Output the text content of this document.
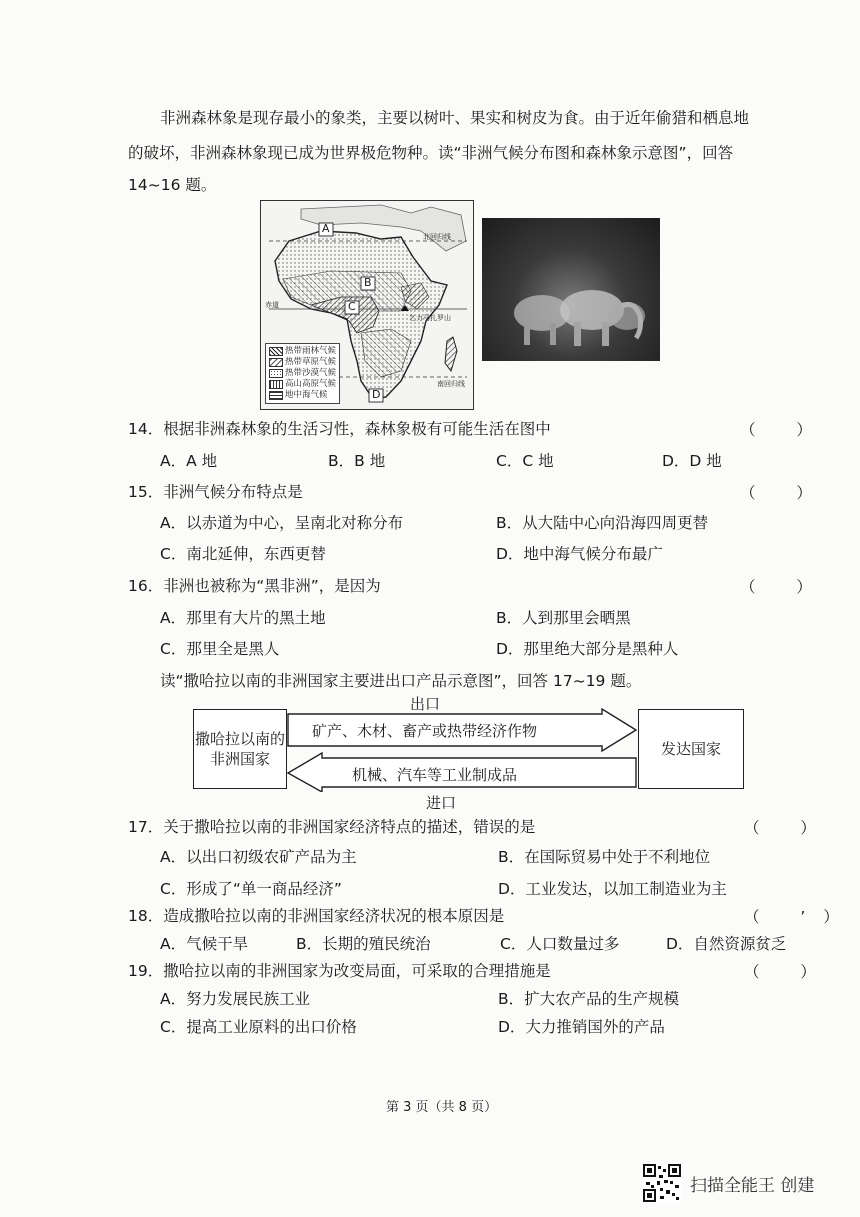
非洲森林象是现存最小的象类，主要以树叶、果实和树皮为食。由于近年偷猎和栖息地
的破坏，非洲森林象现已成为世界极危物种。读“非洲气候分布图和森林象示意图”，回答
14~16 题。
A
B
C
D
北回归线
赤道
南回归线
乞力马扎罗山
热带雨林气候
热带草原气候
热带沙漠气候
高山高原气候
地中海气候
14．根据非洲森林象的生活习性，森林象极有可能生活在图中	（ ）
A．A 地	B．B 地	C．C 地	D．D 地
15．非洲气候分布特点是	（ ）
A．以赤道为中心，呈南北对称分布	B．从大陆中心向沿海四周更替
C．南北延伸，东西更替	D．地中海气候分布最广
16．非洲也被称为“黑非洲”，是因为	（ ）
A．那里有大片的黑土地	B．人到那里会晒黑
C．那里全是黑人	D．那里绝大部分是黑种人
读“撒哈拉以南的非洲国家主要进出口产品示意图”，回答 17~19 题。
出口
撒哈拉以南的非洲国家
发达国家
矿产、木材、畜产或热带经济作物
机械、汽车等工业制成品
进口
17．关于撒哈拉以南的非洲国家经济特点的描述，错误的是	（ ）
A．以出口初级农矿产品为主	B．在国际贸易中处于不利地位
C．形成了“单一商品经济”	D．工业发达，以加工制造业为主
18．造成撒哈拉以南的非洲国家经济状况的根本原因是	（ ’）
A．气候干旱	B．长期的殖民统治	C．人口数量过多	D．自然资源贫乏
19．撒哈拉以南的非洲国家为改变局面，可采取的合理措施是	（ ）
A．努力发展民族工业	B．扩大农产品的生产规模
C．提高工业原料的出口价格	D．大力推销国外的产品
第 3 页（共 8 页）
扫描全能王 创建
